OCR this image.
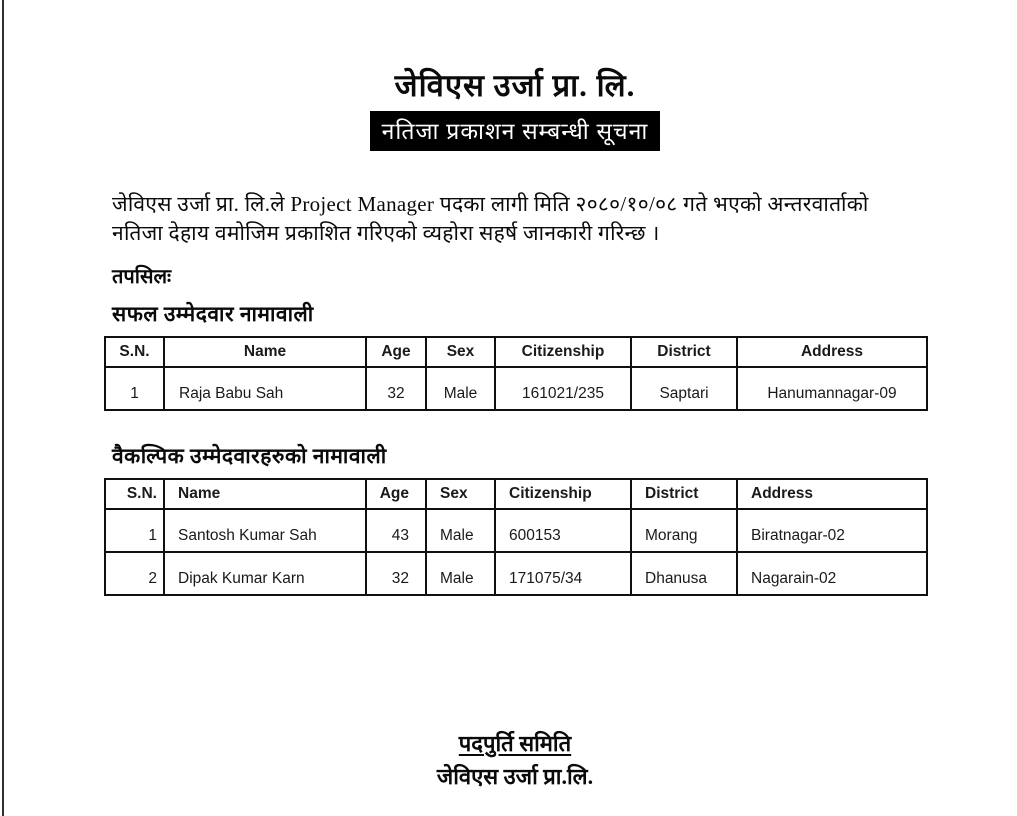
जेविएस उर्जा प्रा. लि.
नतिजा प्रकाशन सम्बन्धी सूचना
जेविएस उर्जा प्रा. लि.ले Project Manager पदका लागी मिति २०८०/१०/०८ गते भएको अन्तरवार्ताको
नतिजा देहाय वमोजिम प्रकाशित गरिएको व्यहोरा सहर्ष जानकारी गरिन्छ ।
तपसिलः
सफल उम्मेदवार नामावाली
S.N.	Name	Age	Sex	Citizenship	District	Address
1	Raja Babu Sah	32	Male	161021/235	Saptari	Hanumannagar-09
वैकल्पिक उम्मेदवारहरुको नामावाली
S.N.	Name	Age	Sex	Citizenship	District	Address
1	Santosh Kumar Sah	43	Male	600153	Morang	Biratnagar-02
2	Dipak Kumar Karn	32	Male	171075/34	Dhanusa	Nagarain-02
पदपुर्ति समिति
जेविएस उर्जा प्रा.लि.
